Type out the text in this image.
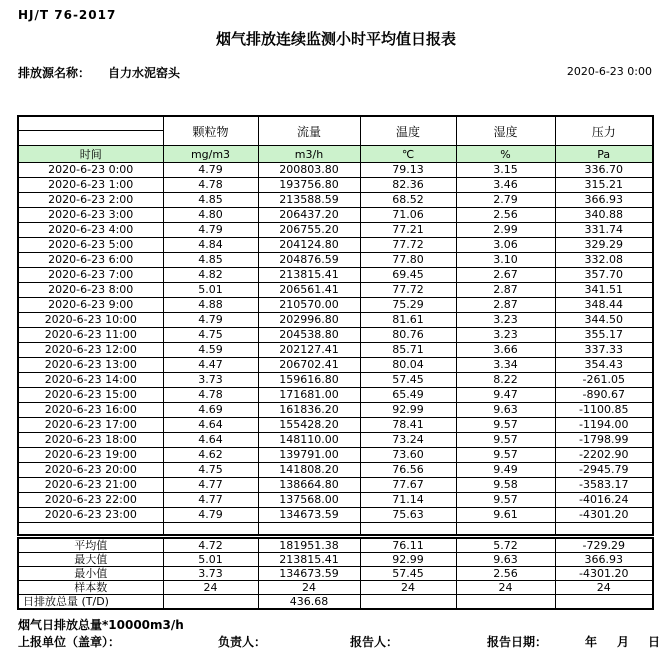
HJ/T 76-2017
烟气排放连续监测小时平均值日报表
排放源名称： 自力水泥窑头	2020-6-23 0:00
	颗粒物	流量	温度	湿度	压力
时间	mg/m3	m3/h	℃	%	Pa
2020-6-23 0:00	4.79	200803.80	79.13	3.15	336.70
2020-6-23 1:00	4.78	193756.80	82.36	3.46	315.21
2020-6-23 2:00	4.85	213588.59	68.52	2.79	366.93
2020-6-23 3:00	4.80	206437.20	71.06	2.56	340.88
2020-6-23 4:00	4.79	206755.20	77.21	2.99	331.74
2020-6-23 5:00	4.84	204124.80	77.72	3.06	329.29
2020-6-23 6:00	4.85	204876.59	77.80	3.10	332.08
2020-6-23 7:00	4.82	213815.41	69.45	2.67	357.70
2020-6-23 8:00	5.01	206561.41	77.72	2.87	341.51
2020-6-23 9:00	4.88	210570.00	75.29	2.87	348.44
2020-6-23 10:00	4.79	202996.80	81.61	3.23	344.50
2020-6-23 11:00	4.75	204538.80	80.76	3.23	355.17
2020-6-23 12:00	4.59	202127.41	85.71	3.66	337.33
2020-6-23 13:00	4.47	206702.41	80.04	3.34	354.43
2020-6-23 14:00	3.73	159616.80	57.45	8.22	-261.05
2020-6-23 15:00	4.78	171681.00	65.49	9.47	-890.67
2020-6-23 16:00	4.69	161836.20	92.99	9.63	-1100.85
2020-6-23 17:00	4.64	155428.20	78.41	9.57	-1194.00
2020-6-23 18:00	4.64	148110.00	73.24	9.57	-1798.99
2020-6-23 19:00	4.62	139791.00	73.60	9.57	-2202.90
2020-6-23 20:00	4.75	141808.20	76.56	9.49	-2945.79
2020-6-23 21:00	4.77	138664.80	77.67	9.58	-3583.17
2020-6-23 22:00	4.77	137568.00	71.14	9.57	-4016.24
2020-6-23 23:00	4.79	134673.59	75.63	9.61	-4301.20

平均值	4.72	181951.38	76.11	5.72	-729.29
最大值	5.01	213815.41	92.99	9.63	366.93
最小值	3.73	134673.59	57.45	2.56	-4301.20
样本数	24	24	24	24	24
日排放总量 (T/D)		436.68			
烟气日排放总量*10000m3/h
上报单位（盖章）：	负责人：	报告人：	报告日期：	年 月 日
